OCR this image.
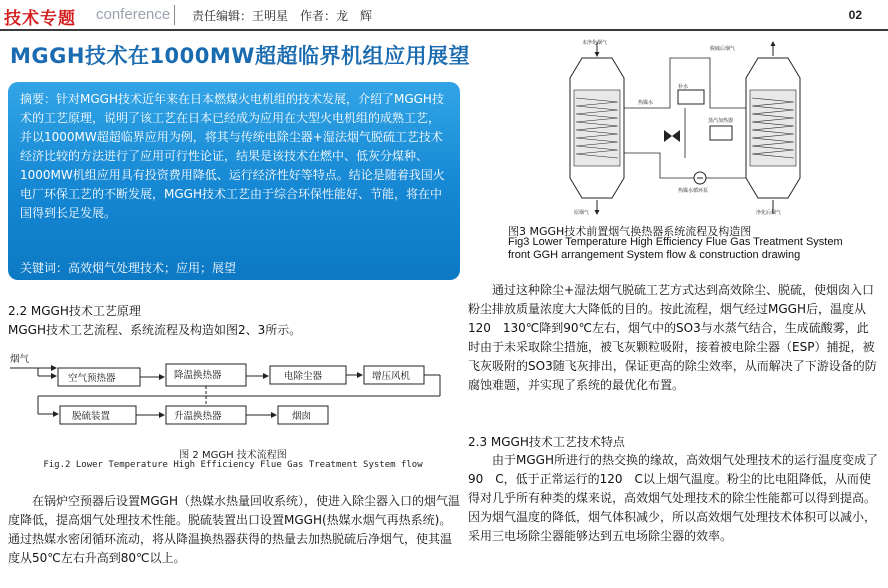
技术专题 conference 责任编辑：王明星　作者：龙　辉	02
MGGH技术在1000MW超超临界机组应用展望

摘要：针对MGGH技术近年来在日本燃煤火电机组的技术发展，介绍了MGGH技术的工艺原理，说明了该工艺在日本已经成为应用在大型火电机组的成熟工艺，并以1000MW超超临界应用为例，将其与传统电除尘器+湿法烟气脱硫工艺技术经济比较的方法进行了应用可行性论证，结果是该技术在燃中、低灰分煤种、1000MW机组应用具有投资费用降低、运行经济性好等特点。结论是随着我国火电厂环保工艺的不断发展，MGGH技术工艺由于综合环保性能好、节能，将在中国得到长足发展。

关键词：高效烟气处理技术；应用；展望
2.2 MGGH技术工艺原理
MGGH技术工艺流程、系统流程及构造如图2、3所示。
烟气
空气预热器	降温换热器	电除尘器	增压风机
脱硫装置	升温换热器	烟囱
图 2 MGGH 技术流程图
Fig.2 Lower Temperature High Efficiency Flue Gas Treatment System flow
在锅炉空预器后设置MGGH（热媒水热量回收系统），使进入除尘器入口的烟气温度降低，提高烟气处理技术性能。脱硫装置出口设置MGGH(热媒水烟气再热系统)。通过热媒水密闭循环流动，将从降温换热器获得的热量去加热脱硫后净烟气，使其温度从50℃左右升高到80℃以上。
未净化烟气
脱硫后烟气
热媒水
补水
热媒水循环泵
蒸汽加热器
净化后烟气
原烟气
图3 MGGH技术前置烟气换热器系统流程及构造图
Fig3 Lower Temperature High Efficiency Flue Gas Treatment System
front GGH arrangement System flow & construction drawing
通过这种除尘+湿法烟气脱硫工艺方式达到高效除尘、脱硫，使烟囱入口粉尘排放质量浓度大大降低的目的。按此流程，烟气经过MGGH后，温度从120　130℃降到90℃左右，烟气中的SO3与水蒸气结合，生成硫酸雾，此时由于未采取除尘措施，被飞灰颗粒吸附，接着被电除尘器（ESP）捕捉，被飞灰吸附的SO3随飞灰排出，保证更高的除尘效率，从而解决了下游设备的防腐蚀难题，并实现了系统的最优化布置。
2.3 MGGH技术工艺技术特点
由于MGGH所进行的热交换的缘故，高效烟气处理技术的运行温度变成了90　C，低于正常运行的120　C以上烟气温度。粉尘的比电阻降低，从而使得对几乎所有种类的煤来说，高效烟气处理技术的除尘性能都可以得到提高。因为烟气温度的降低，烟气体积减少，所以高效烟气处理技术体积可以减小，采用三电场除尘器能够达到五电场除尘器的效率。
